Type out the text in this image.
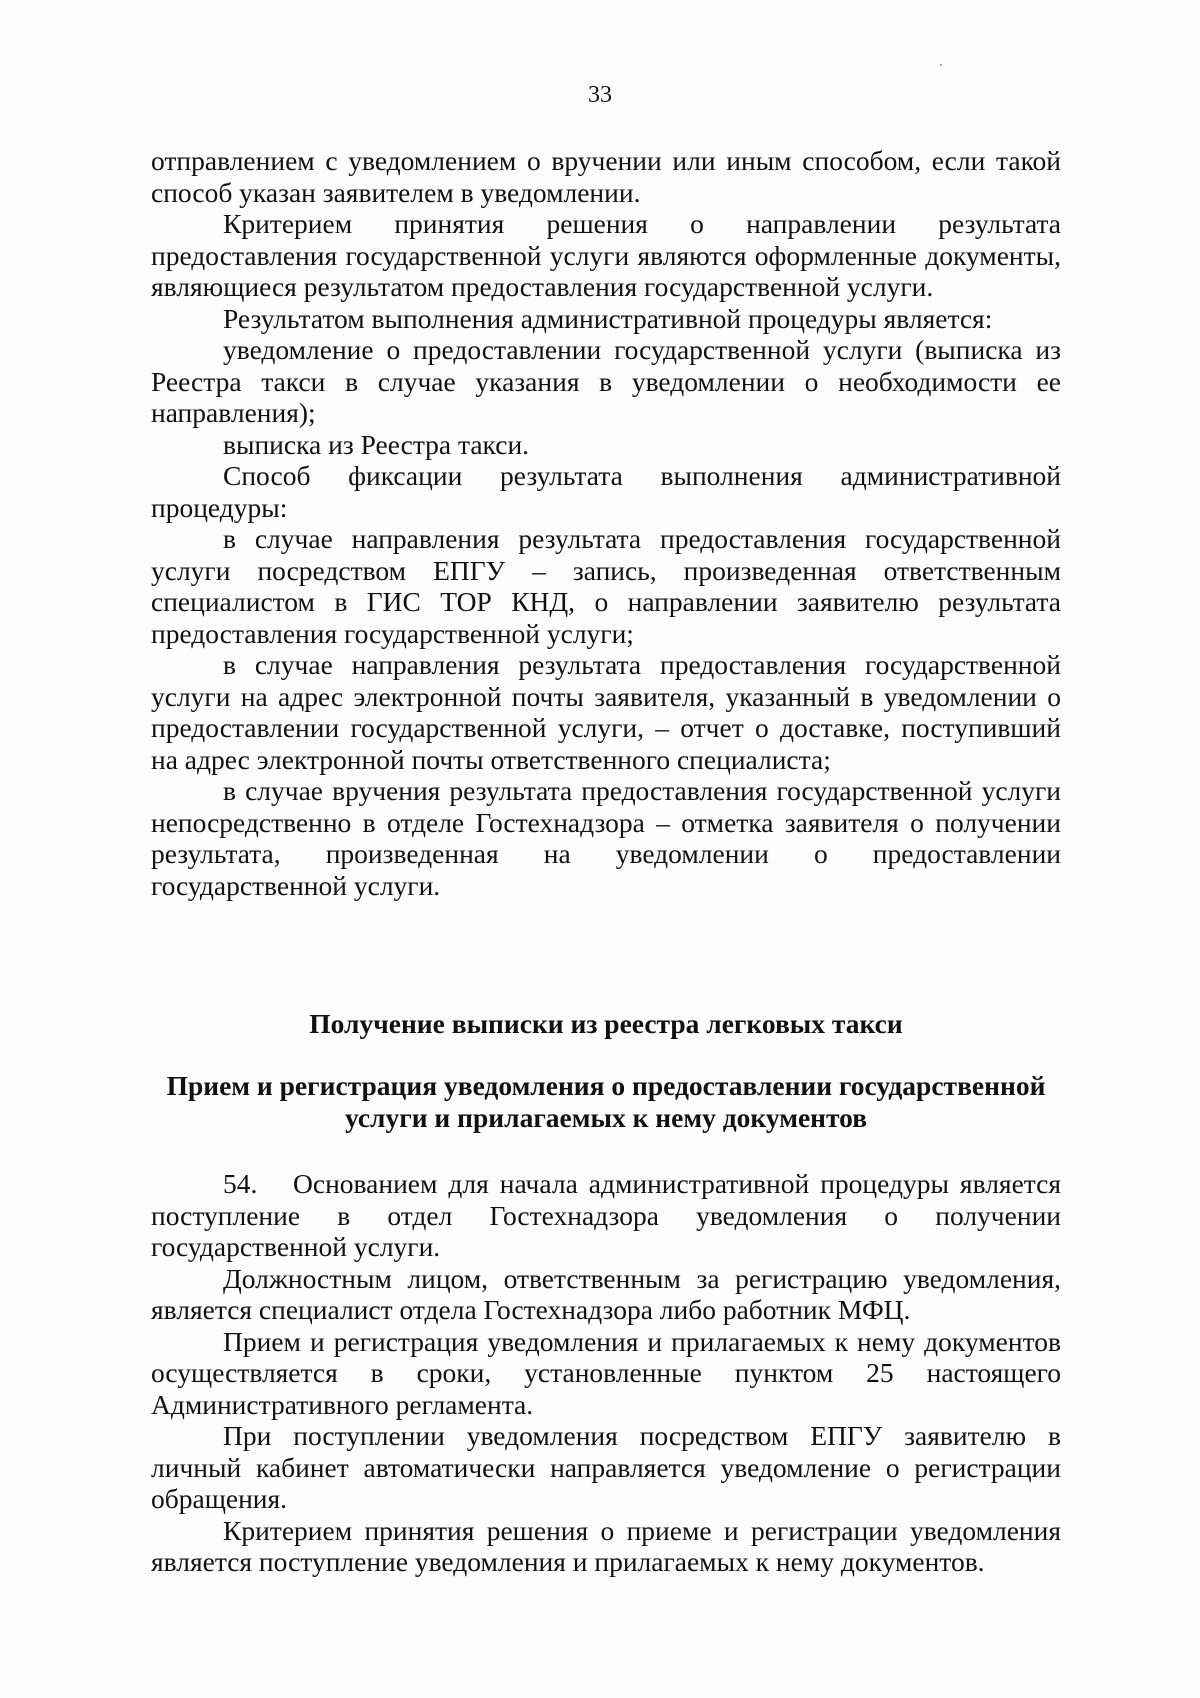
33

отправлением с уведомлением о вручении или иным способом, если такой способ указан заявителем в уведомлении.

Критерием принятия решения о направлении результата предоставления государственной услуги являются оформленные документы, являющиеся результатом предоставления государственной услуги.

Результатом выполнения административной процедуры является:

уведомление о предоставлении государственной услуги (выписка из Реестра такси в случае указания в уведомлении о необходимости ее направления);

выписка из Реестра такси.

Способ фиксации результата выполнения административной процедуры:

в случае направления результата предоставления государственной услуги посредством ЕПГУ – запись, произведенная ответственным специалистом в ГИС ТОР КНД, о направлении заявителю результата предоставления государственной услуги;

в случае направления результата предоставления государственной услуги на адрес электронной почты заявителя, указанный в уведомлении о предоставлении государственной услуги, – отчет о доставке, поступивший на адрес электронной почты ответственного специалиста;

в случае вручения результата предоставления государственной услуги непосредственно в отделе Гостехнадзора – отметка заявителя о получении результата, произведенная на уведомлении о предоставлении государственной услуги.

Получение выписки из реестра легковых такси

Прием и регистрация уведомления о предоставлении государственной услуги и прилагаемых к нему документов

54. Основанием для начала административной процедуры является поступление в отдел Гостехнадзора уведомления о получении государственной услуги.

Должностным лицом, ответственным за регистрацию уведомления, является специалист отдела Гостехнадзора либо работник МФЦ.

Прием и регистрация уведомления и прилагаемых к нему документов осуществляется в сроки, установленные пунктом 25 настоящего Административного регламента.

При поступлении уведомления посредством ЕПГУ заявителю в личный кабинет автоматически направляется уведомление о регистрации обращения.

Критерием принятия решения о приеме и регистрации уведомления является поступление уведомления и прилагаемых к нему документов.
